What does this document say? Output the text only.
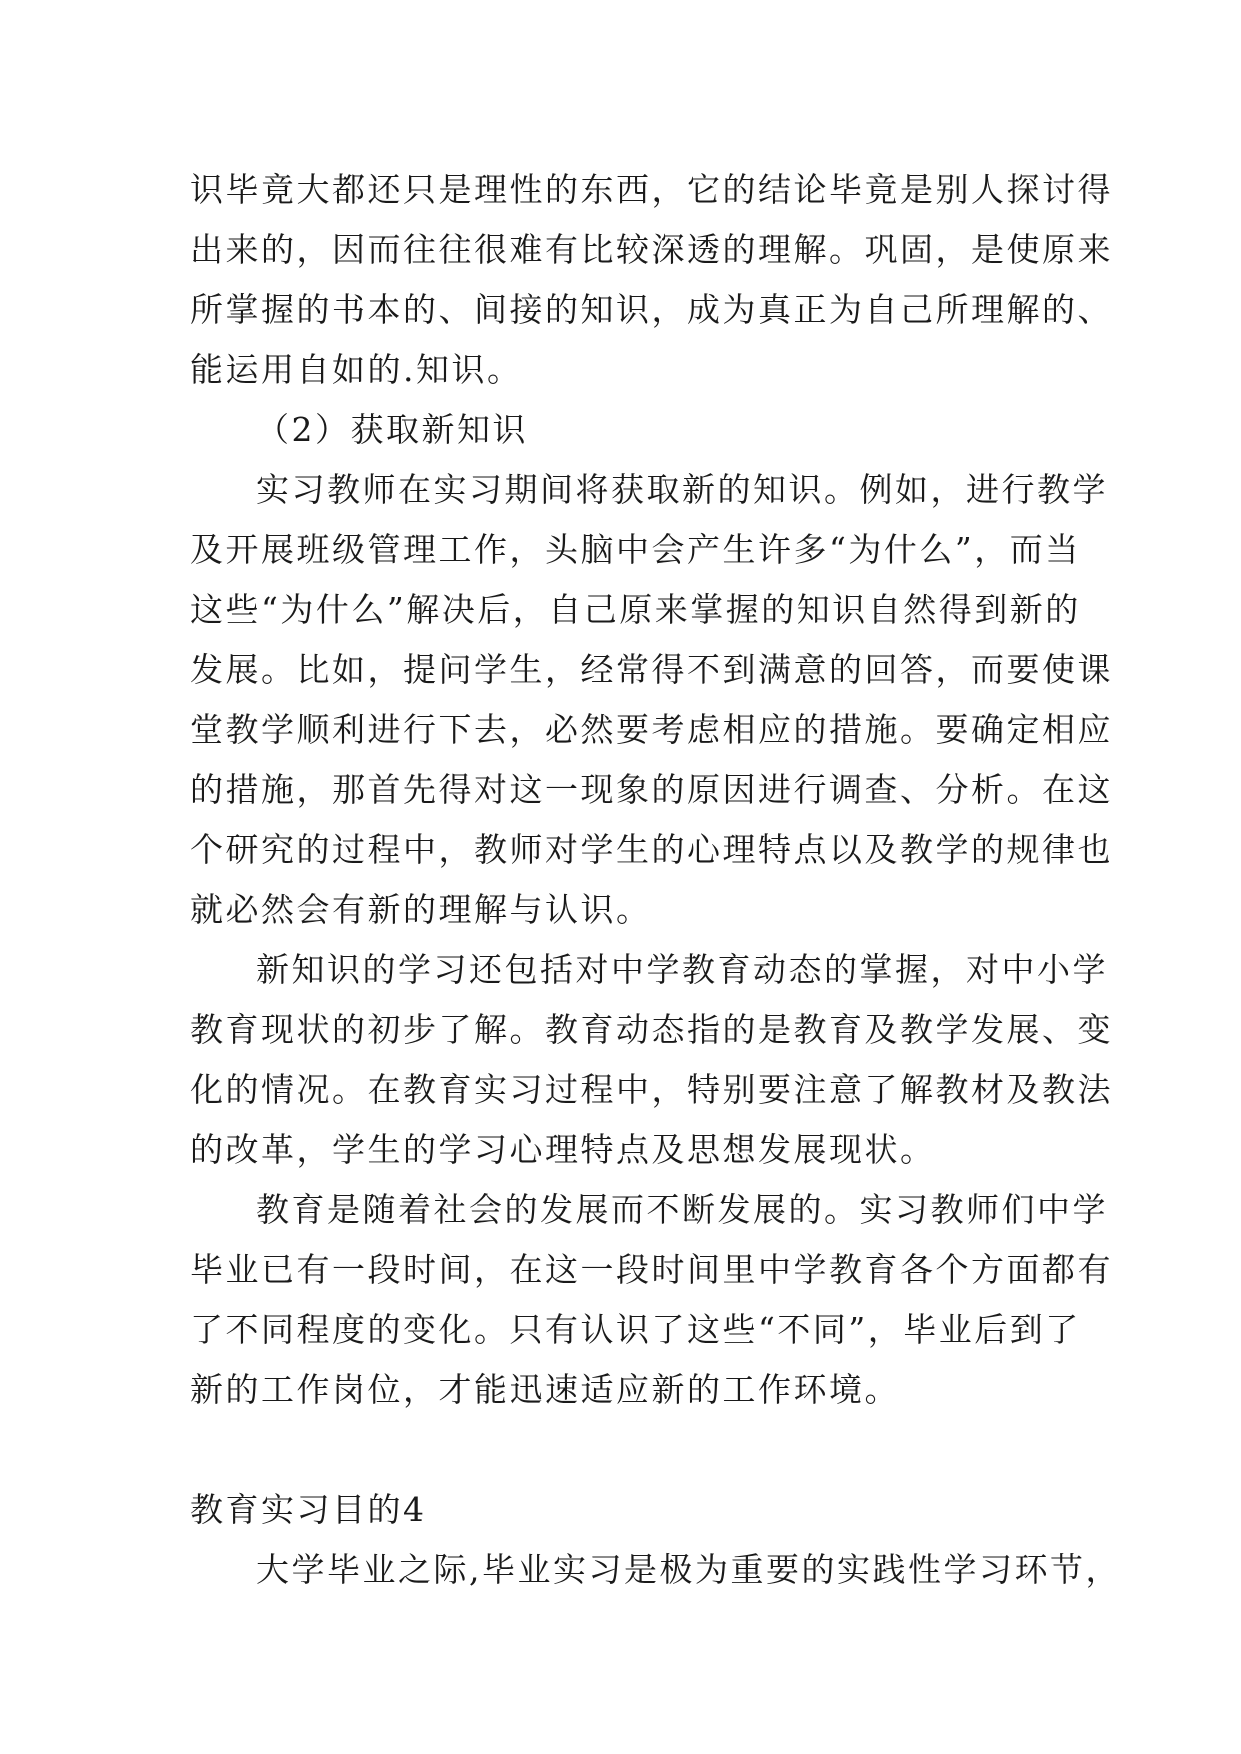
识毕竟大都还只是理性的东西，它的结论毕竟是别人探讨得
出来的，因而往往很难有比较深透的理解。巩固，是使原来
所掌握的书本的、间接的知识，成为真正为自己所理解的、
能运用自如的.知识。
（2）获取新知识
实习教师在实习期间将获取新的知识。例如，进行教学
及开展班级管理工作，头脑中会产生许多“为什么”，而当
这些“为什么”解决后，自己原来掌握的知识自然得到新的
发展。比如，提问学生，经常得不到满意的回答，而要使课
堂教学顺利进行下去，必然要考虑相应的措施。要确定相应
的措施，那首先得对这一现象的原因进行调查、分析。在这
个研究的过程中，教师对学生的心理特点以及教学的规律也
就必然会有新的理解与认识。
新知识的学习还包括对中学教育动态的掌握，对中小学
教育现状的初步了解。教育动态指的是教育及教学发展、变
化的情况。在教育实习过程中，特别要注意了解教材及教法
的改革，学生的学习心理特点及思想发展现状。
教育是随着社会的发展而不断发展的。实习教师们中学
毕业已有一段时间，在这一段时间里中学教育各个方面都有
了不同程度的变化。只有认识了这些“不同”，毕业后到了
新的工作岗位，才能迅速适应新的工作环境。
教育实习目的4
大学毕业之际,毕业实习是极为重要的实践性学习环节，
